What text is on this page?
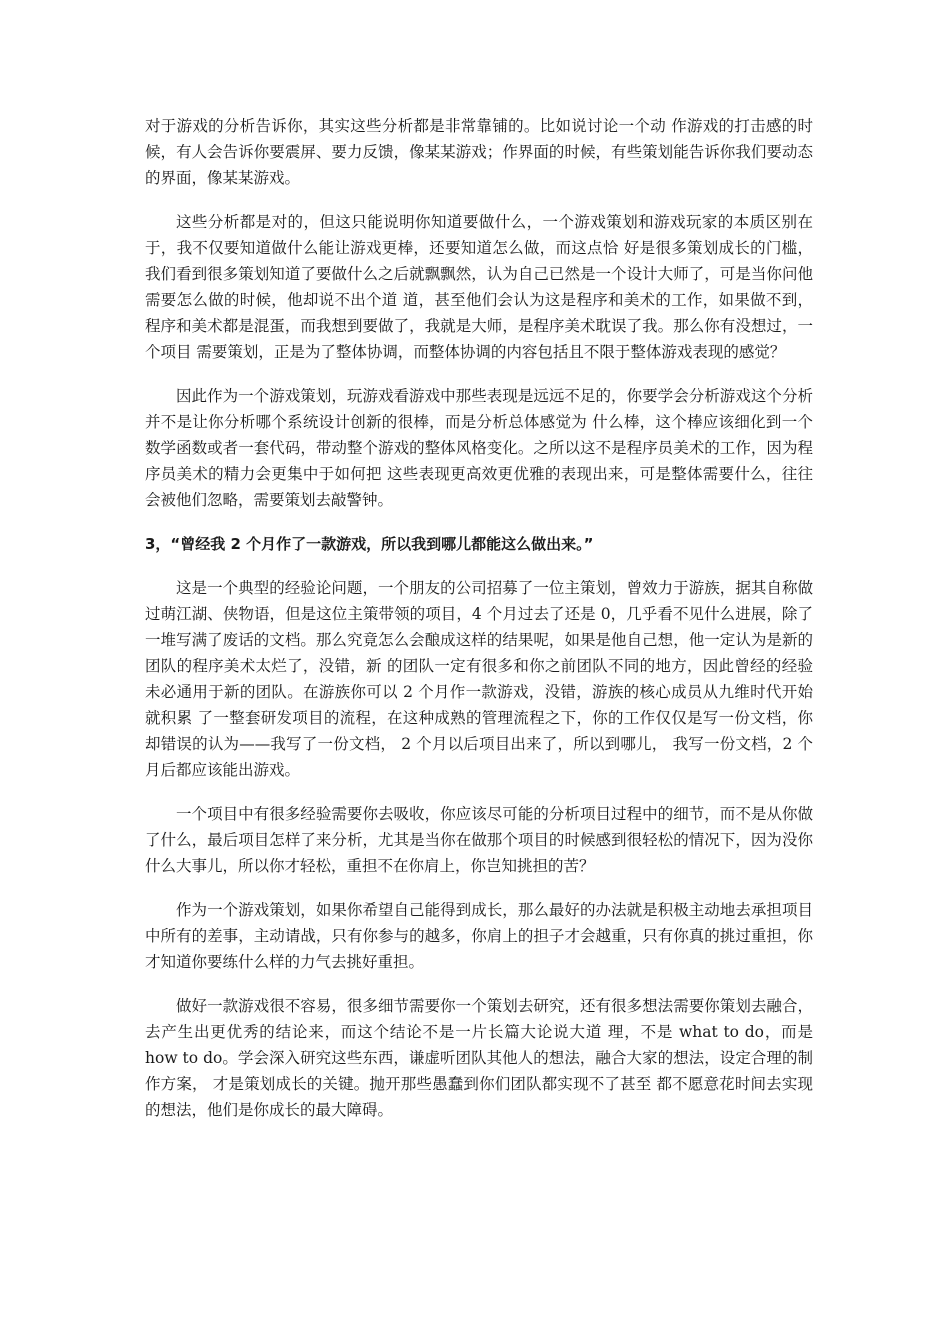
对于游戏的分析告诉你，其实这些分析都是非常靠铺的。比如说讨论一个动 作游戏的打击感的时候，有人会告诉你要震屏、要力反馈，像某某游戏；作界面的时候，有些策划能告诉你我们要动态的界面，像某某游戏。

这些分析都是对的，但这只能说明你知道要做什么，一个游戏策划和游戏玩家的本质区别在于，我不仅要知道做什么能让游戏更棒，还要知道怎么做，而这点恰 好是很多策划成长的门槛，我们看到很多策划知道了要做什么之后就飘飘然，认为自己已然是一个设计大师了，可是当你问他需要怎么做的时候，他却说不出个道 道，甚至他们会认为这是程序和美术的工作，如果做不到，程序和美术都是混蛋，而我想到要做了，我就是大师，是程序美术耽误了我。那么你有没想过，一个项目 需要策划，正是为了整体协调，而整体协调的内容包括且不限于整体游戏表现的感觉？

因此作为一个游戏策划，玩游戏看游戏中那些表现是远远不足的，你要学会分析游戏这个分析并不是让你分析哪个系统设计创新的很棒，而是分析总体感觉为 什么棒，这个棒应该细化到一个数学函数或者一套代码，带动整个游戏的整体风格变化。之所以这不是程序员美术的工作，因为程序员美术的精力会更集中于如何把 这些表现更高效更优雅的表现出来，可是整体需要什么，往往会被他们忽略，需要策划去敲警钟。

3，“曾经我 2 个月作了一款游戏，所以我到哪儿都能这么做出来。”

这是一个典型的经验论问题，一个朋友的公司招募了一位主策划，曾效力于游族，据其自称做过萌江湖、侠物语，但是这位主策带领的项目，4 个月过去了还是 0，几乎看不见什么进展，除了一堆写满了废话的文档。那么究竟怎么会酿成这样的结果呢，如果是他自己想，他一定认为是新的团队的程序美术太烂了，没错，新 的团队一定有很多和你之前团队不同的地方，因此曾经的经验未必通用于新的团队。在游族你可以 2 个月作一款游戏，没错，游族的核心成员从九维时代开始就积累 了一整套研发项目的流程，在这种成熟的管理流程之下，你的工作仅仅是写一份文档，你却错误的认为——我写了一份文档， 2 个月以后项目出来了，所以到哪儿， 我写一份文档，2 个月后都应该能出游戏。

一个项目中有很多经验需要你去吸收，你应该尽可能的分析项目过程中的细节，而不是从你做了什么，最后项目怎样了来分析，尤其是当你在做那个项目的时候感到很轻松的情况下，因为没你什么大事儿，所以你才轻松，重担不在你肩上，你岂知挑担的苦？

作为一个游戏策划，如果你希望自己能得到成长，那么最好的办法就是积极主动地去承担项目中所有的差事，主动请战，只有你参与的越多，你肩上的担子才会越重，只有你真的挑过重担，你才知道你要练什么样的力气去挑好重担。

做好一款游戏很不容易，很多细节需要你一个策划去研究，还有很多想法需要你策划去融合，去产生出更优秀的结论来，而这个结论不是一片长篇大论说大道 理，不是 what to do，而是 how to do。学会深入研究这些东西，谦虚听团队其他人的想法，融合大家的想法，设定合理的制作方案， 才是策划成长的关键。抛开那些愚蠢到你们团队都实现不了甚至 都不愿意花时间去实现的想法，他们是你成长的最大障碍。
